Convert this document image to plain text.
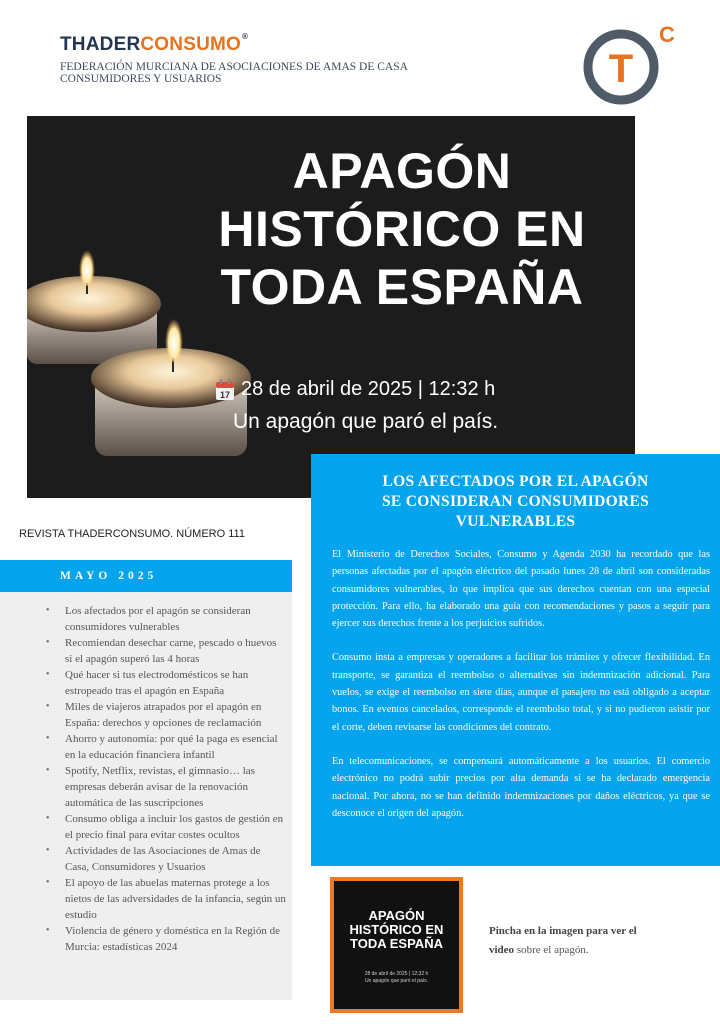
THADERCONSUMO®
FEDERACIÓN MURCIANA DE ASOCIACIONES DE AMAS DE CASA
CONSUMIDORES Y USUARIOS	T
C
APAGÓN
HISTÓRICO EN
TODA ESPAÑA
17 28 de abril de 2025 | 12:32 h
Un apagón que paró el país.
LOS AFECTADOS POR EL APAGÓN
SE CONSIDERAN CONSUMIDORES
VULNERABLES

El Ministerio de Derechos Sociales, Consumo y Agenda 2030 ha recordado que las personas afectadas por el apagón eléctrico del pasado lunes 28 de abril son consideradas consumidores vulnerables, lo que implica que sus derechos cuentan con una especial protección. Para ello, ha elaborado una guía con recomendaciones y pasos a seguir para ejercer sus derechos frente a los perjuicios sufridos.

Consumo insta a empresas y operadores a facilitar los trámites y ofrecer flexibilidad. En transporte, se garantiza el reembolso o alternativas sin indemnización adicional. Para vuelos, se exige el reembolso en siete días, aunque el pasajero no está obligado a aceptar bonos. En eventos cancelados, corresponde el reembolso total, y si no pudieron asistir por el corte, deben revisarse las condiciones del contrato.

En telecomunicaciones, se compensará automáticamente a los usuarios. El comercio electrónico no podrá subir precios por alta demanda si se ha declarado emergencia nacional. Por ahora, no se han definido indemnizaciones por daños eléctricos, ya que se desconoce el origen del apagón.

REVISTA THADERCONSUMO. NÚMERO 111
MAYO 2025
• Los afectados por el apagón se consideran consumidores vulnerables
• Recomiendan desechar carne, pescado o huevos si el apagón superó las 4 horas
• Qué hacer si tus electrodomésticos se han estropeado tras el apagón en España
• Miles de viajeros atrapados por el apagón en España: derechos y opciones de reclamación
• Ahorro y autonomía: por qué la paga es esencial en la educación financiera infantil
• Spotify, Netflix, revistas, el gimnasio… las empresas deberán avisar de la renovación automática de las suscripciones
• Consumo obliga a incluir los gastos de gestión en el precio final para evitar costes ocultos
• Actividades de las Asociaciones de Amas de Casa, Consumidores y Usuarios
• El apoyo de las abuelas maternas protege a los nietos de las adversidades de la infancia, según un estudio
• Violencia de género y doméstica en la Región de Murcia: estadísticas 2024
APAGÓN
HISTÓRICO EN
TODA ESPAÑA
28 de abril de 2025 | 12:32 h
Un apagón que paró el país.
Pincha en la imagen para ver el video sobre el apagón.
